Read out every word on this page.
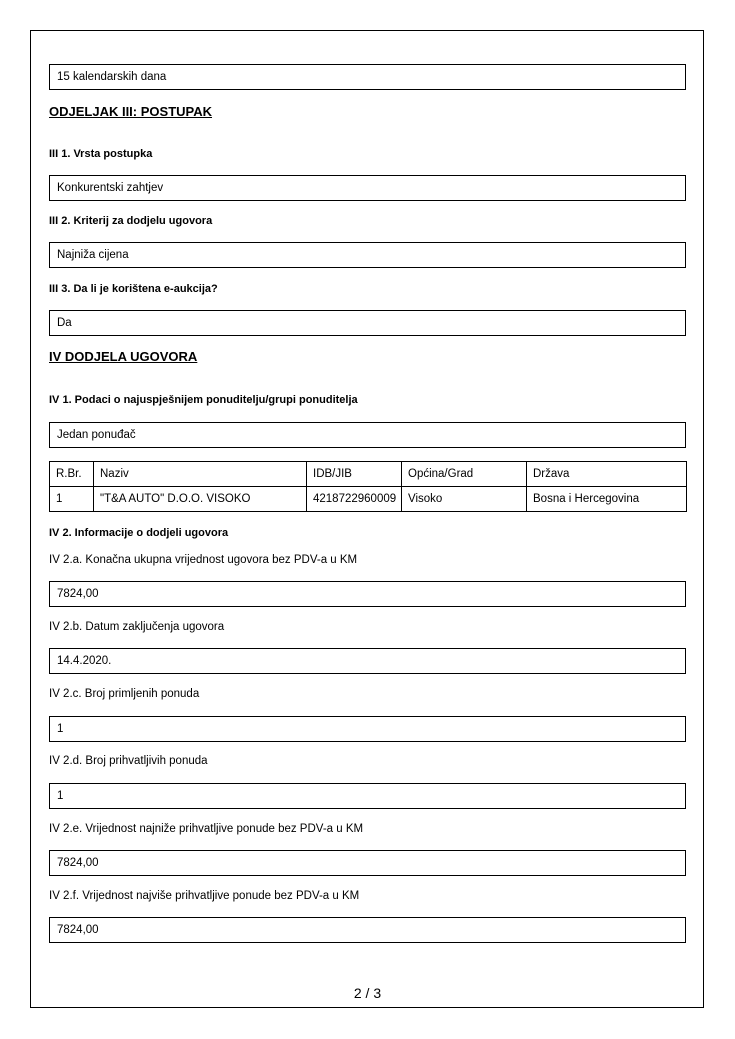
15 kalendarskih dana
ODJELJAK III: POSTUPAK
III 1. Vrsta postupka
Konkurentski zahtjev
III 2. Kriterij za dodjelu ugovora
Najniža cijena
III 3. Da li je korištena e-aukcija?
Da
IV DODJELA UGOVORA
IV 1. Podaci o najuspješnijem ponuditelju/grupi ponuditelja
Jedan ponuđač
R.Br.	Naziv	IDB/JIB	Općina/Grad	Država
1	"T&A AUTO" D.O.O. VISOKO	4218722960009	Visoko	Bosna i Hercegovina
IV 2. Informacije o dodjeli ugovora
IV 2.a. Konačna ukupna vrijednost ugovora bez PDV-a u KM
7824,00
IV 2.b. Datum zaključenja ugovora
14.4.2020.
IV 2.c. Broj primljenih ponuda
1
IV 2.d. Broj prihvatljivih ponuda
1
IV 2.e. Vrijednost najniže prihvatljive ponude bez PDV-a u KM
7824,00
IV 2.f. Vrijednost najviše prihvatljive ponude bez PDV-a u KM
7824,00
2 / 3
